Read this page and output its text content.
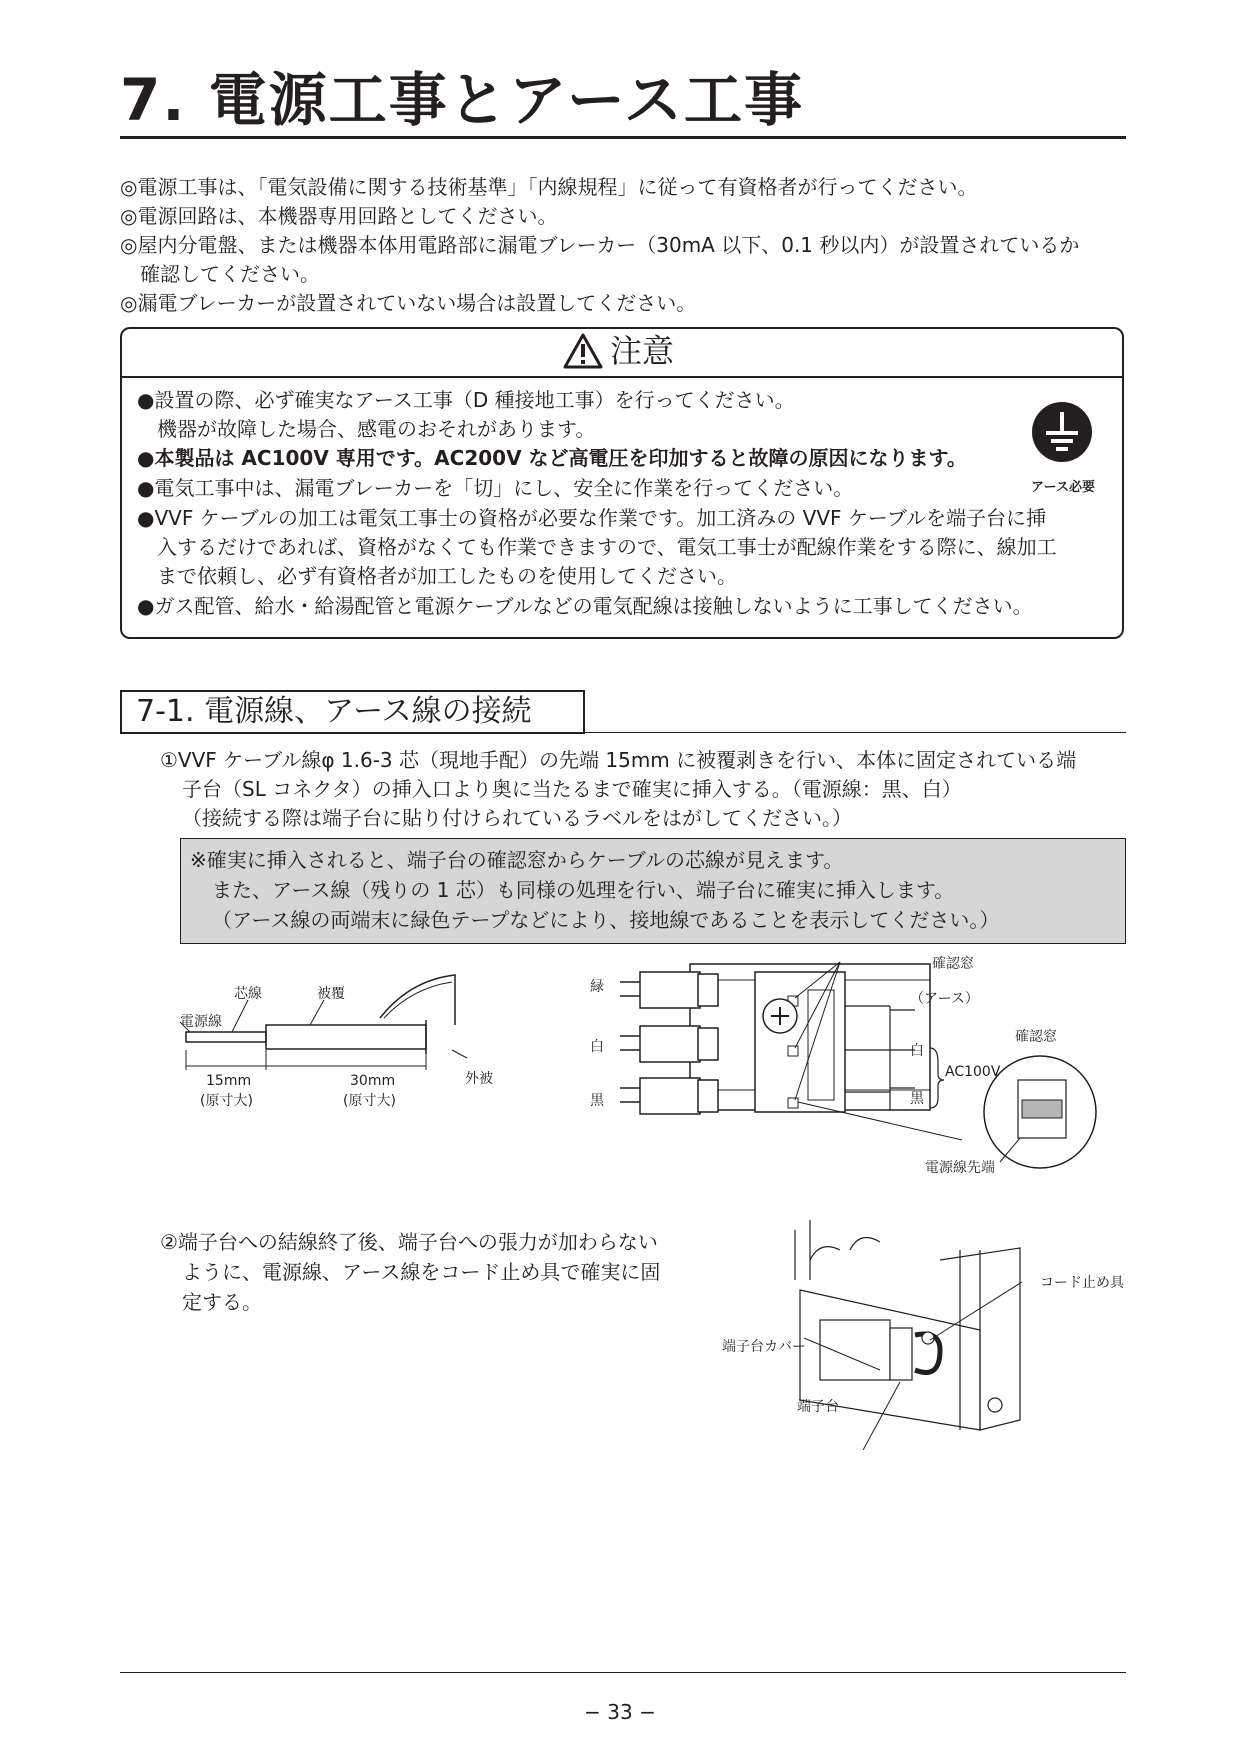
7. 電源工事とアース工事
◎電源工事は、「電気設備に関する技術基準」「内線規程」に従って有資格者が行ってください。
◎電源回路は、本機器専用回路としてください。
◎屋内分電盤、または機器本体用電路部に漏電ブレーカー（30mA 以下、0.1 秒以内）が設置されているか
確認してください。
◎漏電ブレーカーが設置されていない場合は設置してください。
注意
●設置の際、必ず確実なアース工事（D 種接地工事）を行ってください。
機器が故障した場合、感電のおそれがあります。
●本製品は AC100V 専用です。AC200V など高電圧を印加すると故障の原因になります。
●電気工事中は、漏電ブレーカーを「切」にし、安全に作業を行ってください。
●VVF ケーブルの加工は電気工事士の資格が必要な作業です。加工済みの VVF ケーブルを端子台に挿
入するだけであれば、資格がなくても作業できますので、電気工事士が配線作業をする際に、線加工
まで依頼し、必ず有資格者が加工したものを使用してください。
●ガス配管、給水・給湯配管と電源ケーブルなどの電気配線は接触しないように工事してください。
アース必要
7-1. 電源線、アース線の接続
①VVF ケーブル線φ 1.6-3 芯（現地手配）の先端 15mm に被覆剥きを行い、本体に固定されている端
子台（SL コネクタ）の挿入口より奥に当たるまで確実に挿入する。（電源線：黒、白）
（接続する際は端子台に貼り付けられているラベルをはがしてください。）
※確実に挿入されると、端子台の確認窓からケーブルの芯線が見えます。
また、アース線（残りの 1 芯）も同様の処理を行い、端子台に確実に挿入します。
（アース線の両端末に緑色テープなどにより、接地線であることを表示してください。）
芯線	被覆
電源線
15mm
(原寸大)
30mm
(原寸大)
外被
確認窓
（アース）
緑
白
黒
白
黒
AC100V
確認窓
電源線先端
②端子台への結線終了後、端子台への張力が加わらない
ように、電源線、アース線をコード止め具で確実に固
定する。
コード止め具
端子台カバー
端子台
− 33 −
